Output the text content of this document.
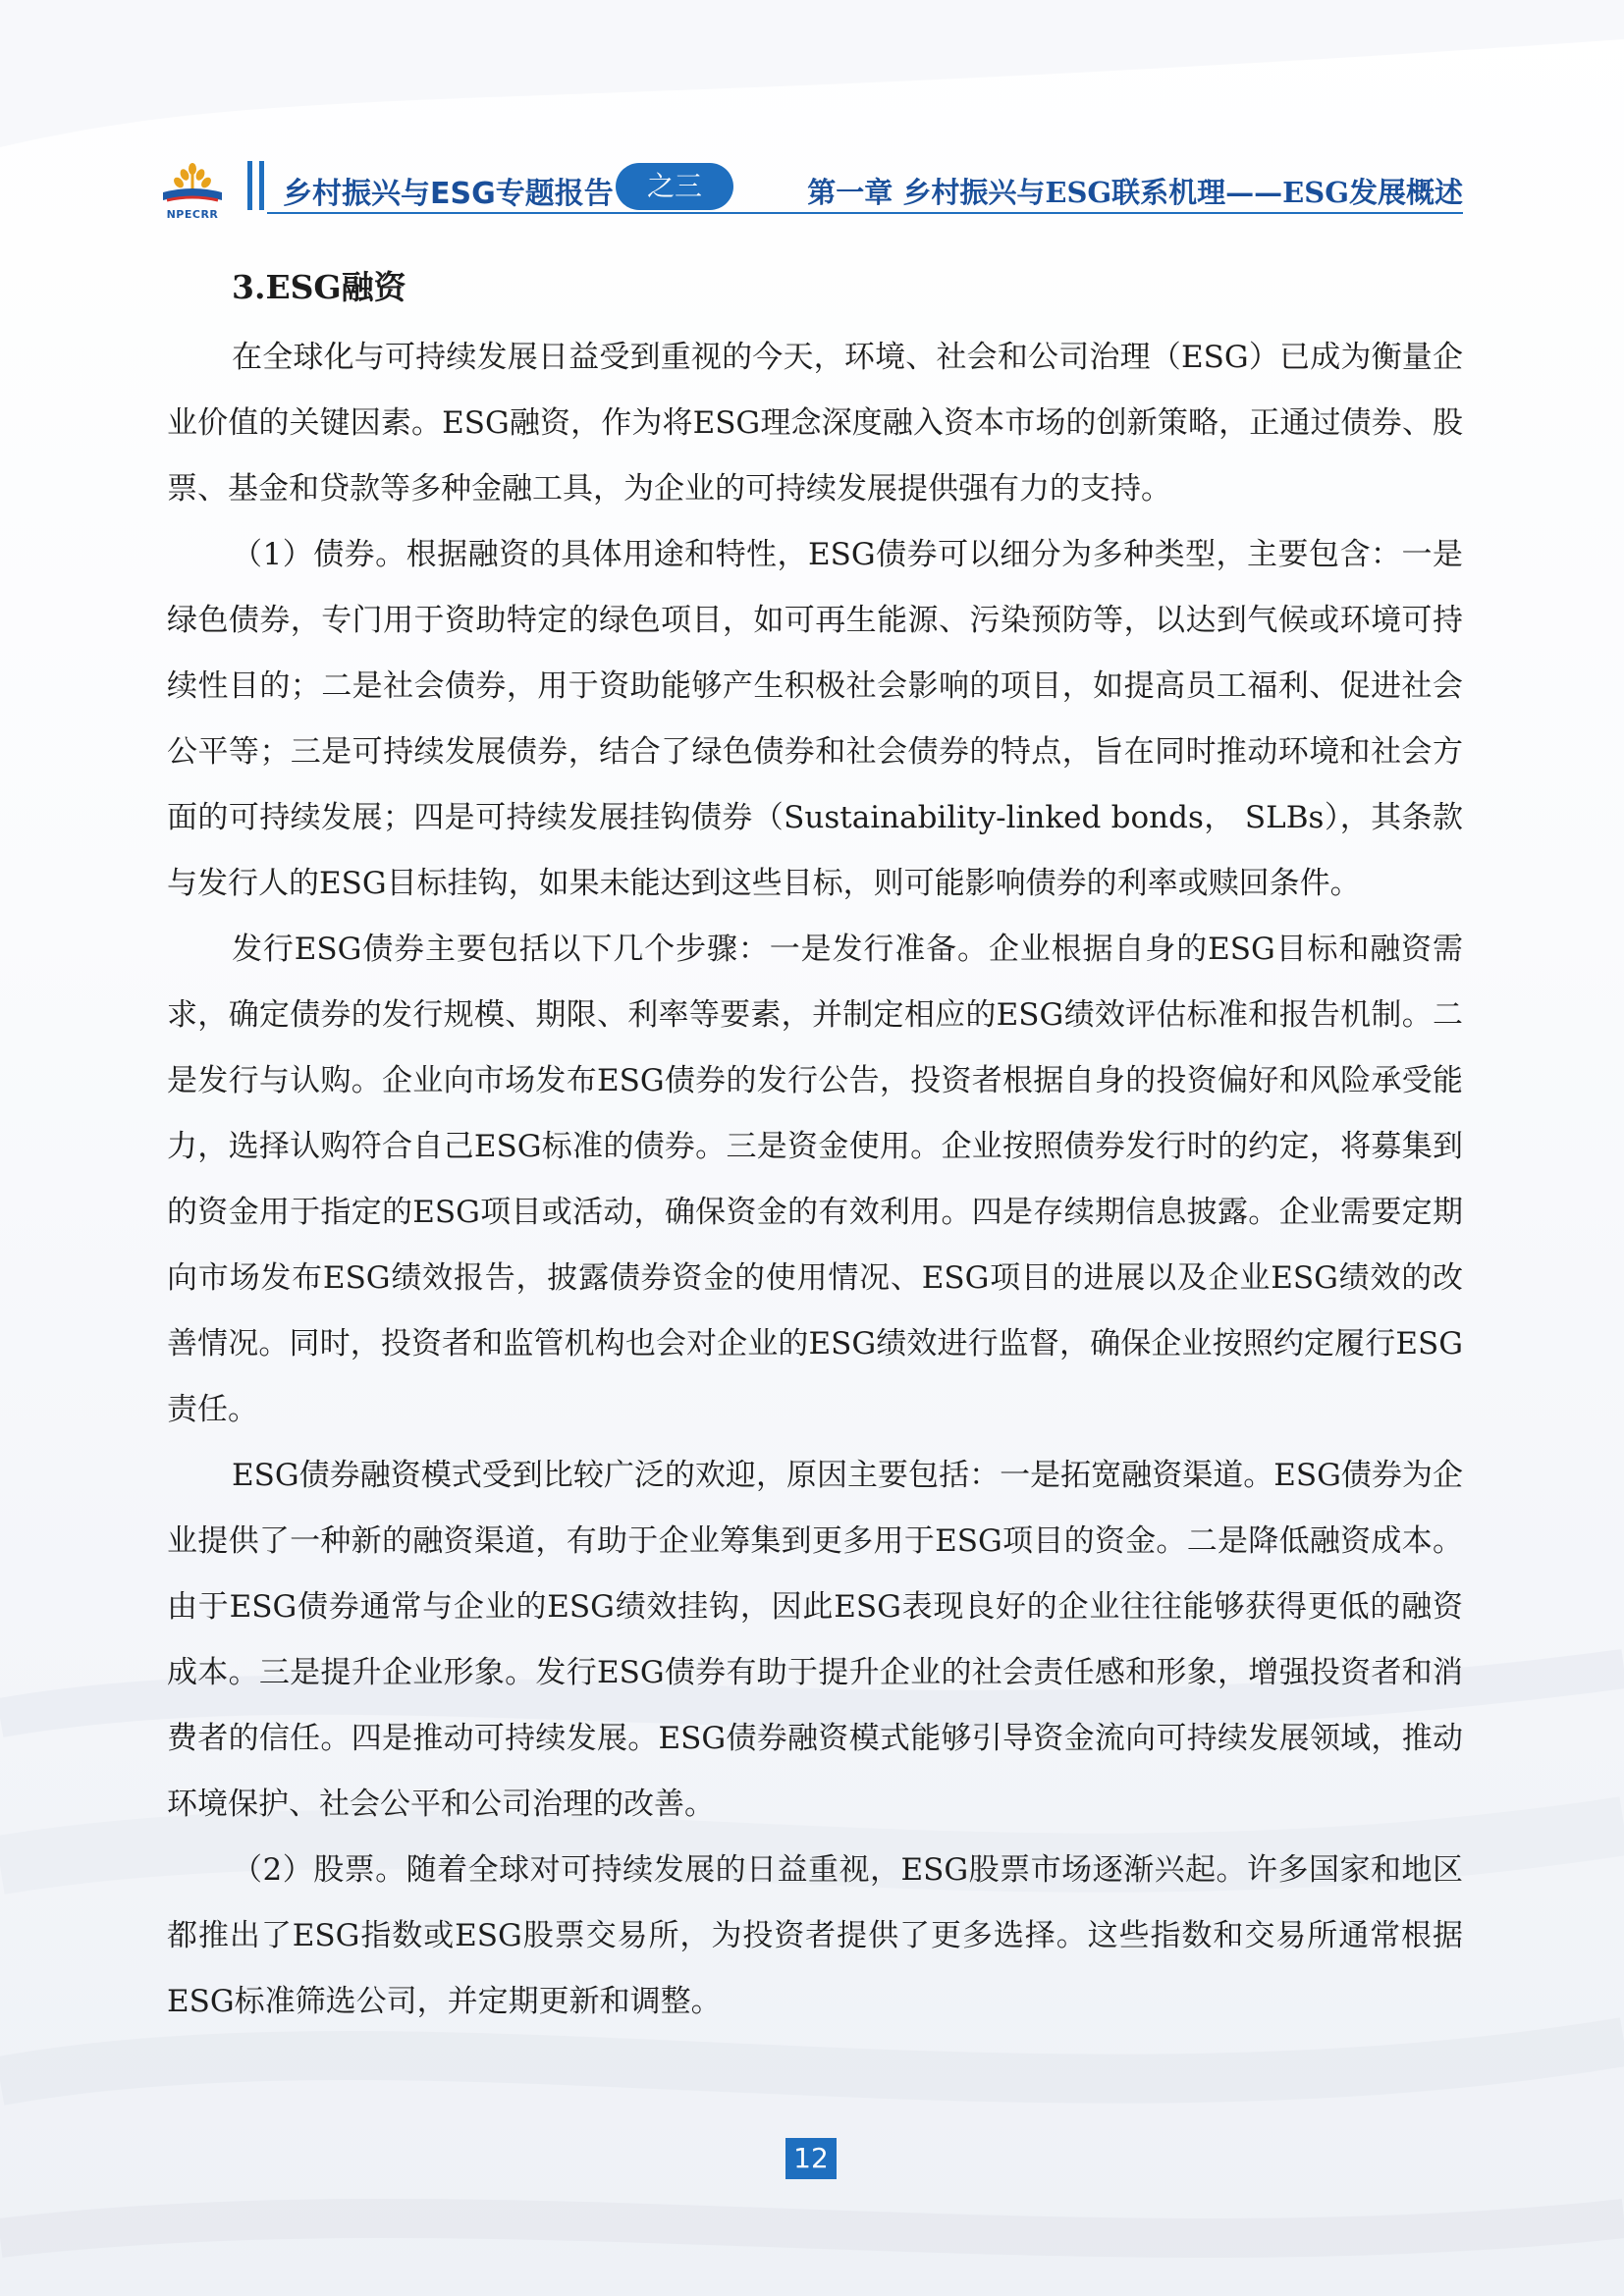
NPECRR
乡村振兴与ESG专题报告	之三	第一章 乡村振兴与ESG联系机理——ESG发展概述
3.ESG融资

在全球化与可持续发展日益受到重视的今天，环境、社会和公司治理（ESG）已成为衡量企业价值的关键因素。ESG融资，作为将ESG理念深度融入资本市场的创新策略，正通过债券、股票、基金和贷款等多种金融工具，为企业的可持续发展提供强有力的支持。

（1）债券。根据融资的具体用途和特性，ESG债券可以细分为多种类型，主要包含：一是绿色债券，专门用于资助特定的绿色项目，如可再生能源、污染预防等，以达到气候或环境可持续性目的；二是社会债券，用于资助能够产生积极社会影响的项目，如提高员工福利、促进社会公平等；三是可持续发展债券，结合了绿色债券和社会债券的特点，旨在同时推动环境和社会方面的可持续发展；四是可持续发展挂钩债券（Sustainability-linked bonds， SLBs），其条款与发行人的ESG目标挂钩，如果未能达到这些目标，则可能影响债券的利率或赎回条件。

发行ESG债券主要包括以下几个步骤：一是发行准备。企业根据自身的ESG目标和融资需求，确定债券的发行规模、期限、利率等要素，并制定相应的ESG绩效评估标准和报告机制。二是发行与认购。企业向市场发布ESG债券的发行公告，投资者根据自身的投资偏好和风险承受能力，选择认购符合自己ESG标准的债券。三是资金使用。企业按照债券发行时的约定，将募集到的资金用于指定的ESG项目或活动，确保资金的有效利用。四是存续期信息披露。企业需要定期向市场发布ESG绩效报告，披露债券资金的使用情况、ESG项目的进展以及企业ESG绩效的改善情况。同时，投资者和监管机构也会对企业的ESG绩效进行监督，确保企业按照约定履行ESG责任。

ESG债券融资模式受到比较广泛的欢迎，原因主要包括：一是拓宽融资渠道。ESG债券为企业提供了一种新的融资渠道，有助于企业筹集到更多用于ESG项目的资金。二是降低融资成本。由于ESG债券通常与企业的ESG绩效挂钩，因此ESG表现良好的企业往往能够获得更低的融资成本。三是提升企业形象。发行ESG债券有助于提升企业的社会责任感和形象，增强投资者和消费者的信任。四是推动可持续发展。ESG债券融资模式能够引导资金流向可持续发展领域，推动环境保护、社会公平和公司治理的改善。

（2）股票。随着全球对可持续发展的日益重视，ESG股票市场逐渐兴起。许多国家和地区都推出了ESG指数或ESG股票交易所，为投资者提供了更多选择。这些指数和交易所通常根据ESG标准筛选公司，并定期更新和调整。

12
